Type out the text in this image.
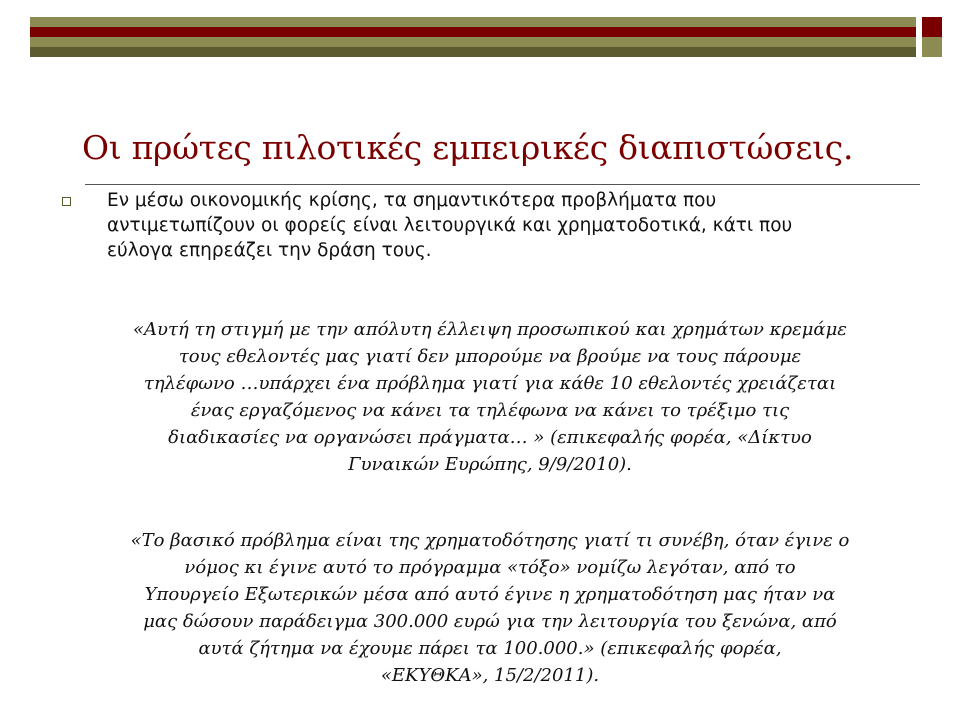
Οι πρώτες πιλοτικές εμπειρικές διαπιστώσεις.
Εν μέσω οικονομικής κρίσης, τα σημαντικότερα προβλήματα που
αντιμετωπίζουν οι φορείς είναι λειτουργικά και χρηματοδοτικά, κάτι που
εύλογα επηρεάζει την δράση τους.
«Αυτή τη στιγμή με την απόλυτη έλλειψη προσωπικού και χρημάτων κρεμάμε
τους εθελοντές μας γιατί δεν μπορούμε να βρούμε να τους πάρουμε
τηλέφωνο …υπάρχει ένα πρόβλημα γιατί για κάθε 10 εθελοντές χρειάζεται
ένας εργαζόμενος να κάνει τα τηλέφωνα να κάνει το τρέξιμο τις
διαδικασίες να οργανώσει πράγματα… » (επικεφαλής φορέα, «Δίκτυο
Γυναικών Ευρώπης, 9/9/2010).
«Το βασικό πρόβλημα είναι της χρηματοδότησης γιατί τι συνέβη, όταν έγινε ο
νόμος κι έγινε αυτό το πρόγραμμα «τόξο» νομίζω λεγόταν, από το
Υπουργείο Εξωτερικών μέσα από αυτό έγινε η χρηματοδότηση μας ήταν να
μας δώσουν παράδειγμα 300.000 ευρώ για την λειτουργία του ξενώνα, από
αυτά ζήτημα να έχουμε πάρει τα 100.000.» (επικεφαλής φορέα,
«ΕΚΥΘΚΑ», 15/2/2011).
